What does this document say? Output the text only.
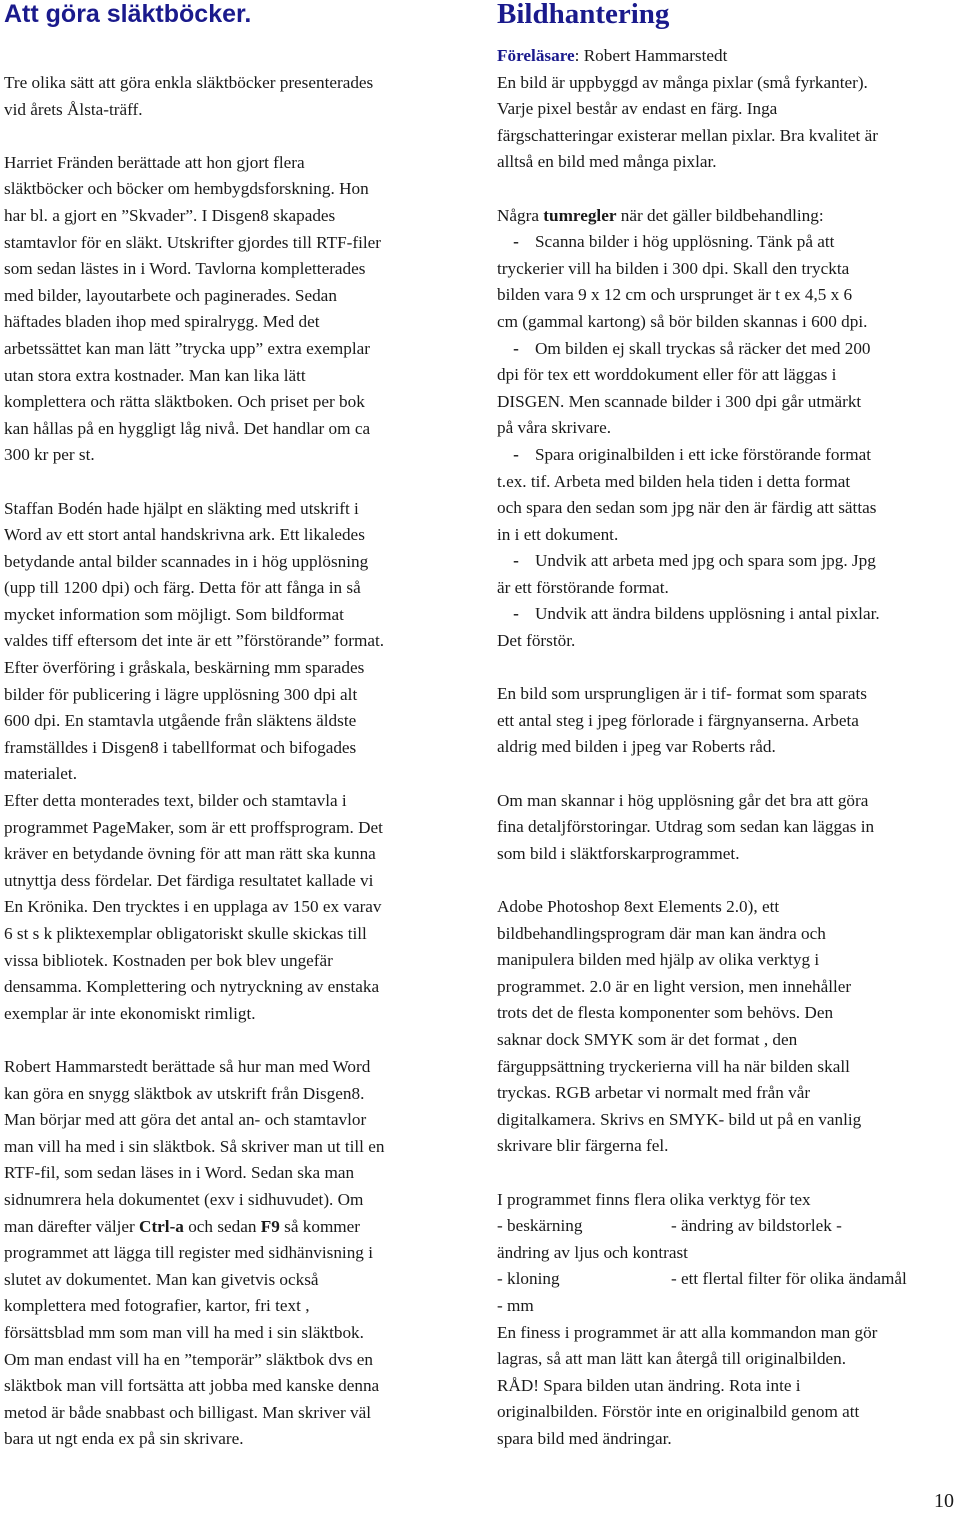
Att göra släktböcker.
Tre olika sätt att göra enkla släktböcker presenterades
vid årets Ålsta-träff.
Harriet Fränden berättade att hon gjort flera
släktböcker och böcker om hembygdsforskning. Hon
har bl. a gjort en ”Skvader”. I Disgen8 skapades
stamtavlor för en släkt. Utskrifter gjordes till RTF-filer
som sedan lästes in i Word. Tavlorna kompletterades
med bilder, layoutarbete och paginerades. Sedan
häftades bladen ihop med spiralrygg. Med det
arbetssättet kan man lätt ”trycka upp” extra exemplar
utan stora extra kostnader. Man kan lika lätt
komplettera och rätta släktboken. Och priset per bok
kan hållas på en hyggligt låg nivå. Det handlar om ca
300 kr per st.
Staffan Bodén hade hjälpt en släkting med utskrift i
Word av ett stort antal handskrivna ark. Ett likaledes
betydande antal bilder scannades in i hög upplösning
(upp till 1200 dpi) och färg. Detta för att fånga in så
mycket information som möjligt. Som bildformat
valdes tiff eftersom det inte är ett ”förstörande” format.
Efter överföring i gråskala, beskärning mm sparades
bilder för publicering i lägre upplösning 300 dpi alt
600 dpi. En stamtavla utgående från släktens äldste
framställdes i Disgen8 i tabellformat och bifogades
materialet.
Efter detta monterades text, bilder och stamtavla i
programmet PageMaker, som är ett proffsprogram. Det
kräver en betydande övning för att man rätt ska kunna
utnyttja dess fördelar. Det färdiga resultatet kallade vi
En Krönika. Den trycktes i en upplaga av 150 ex varav
6 st s k pliktexemplar obligatoriskt skulle skickas till
vissa bibliotek. Kostnaden per bok blev ungefär
densamma. Komplettering och nytryckning av enstaka
exemplar är inte ekonomiskt rimligt.
Robert Hammarstedt berättade så hur man med Word
kan göra en snygg släktbok av utskrift från Disgen8.
Man börjar med att göra det antal an- och stamtavlor
man vill ha med i sin släktbok. Så skriver man ut till en
RTF-fil, som sedan läses in i Word. Sedan ska man
sidnumrera hela dokumentet (exv i sidhuvudet). Om
man därefter väljer Ctrl-a och sedan F9 så kommer
programmet att lägga till register med sidhänvisning i
slutet av dokumentet. Man kan givetvis också
komplettera med fotografier, kartor, fri text ,
försättsblad mm som man vill ha med i sin släktbok.
Om man endast vill ha en ”temporär” släktbok dvs en
släktbok man vill fortsätta att jobba med kanske denna
metod är både snabbast och billigast. Man skriver väl
bara ut ngt enda ex på sin skrivare.
Bildhantering
Föreläsare: Robert Hammarstedt
En bild är uppbyggd av många pixlar (små fyrkanter).
Varje pixel består av endast en färg. Inga
färgschatteringar existerar mellan pixlar. Bra kvalitet är
alltså en bild med många pixlar.
Några tumregler när det gäller bildbehandling:
- Scanna bilder i hög upplösning. Tänk på att
tryckerier vill ha bilden i 300 dpi. Skall den tryckta
bilden vara 9 x 12 cm och ursprunget är t ex 4,5 x 6
cm (gammal kartong) så bör bilden skannas i 600 dpi.
- Om bilden ej skall tryckas så räcker det med 200
dpi för tex ett worddokument eller för att läggas i
DISGEN. Men scannade bilder i 300 dpi går utmärkt
på våra skrivare.
- Spara originalbilden i ett icke förstörande format
t.ex. tif. Arbeta med bilden hela tiden i detta format
och spara den sedan som jpg när den är färdig att sättas
in i ett dokument.
- Undvik att arbeta med jpg och spara som jpg. Jpg
är ett förstörande format.
- Undvik att ändra bildens upplösning i antal pixlar.
Det förstör.
En bild som ursprungligen är i tif- format som sparats
ett antal steg i jpeg förlorade i färgnyanserna. Arbeta
aldrig med bilden i jpeg var Roberts råd.
Om man skannar i hög upplösning går det bra att göra
fina detaljförstoringar. Utdrag som sedan kan läggas in
som bild i släktforskarprogrammet.
Adobe Photoshop 8ext Elements 2.0), ett
bildbehandlingsprogram där man kan ändra och
manipulera bilden med hjälp av olika verktyg i
programmet. 2.0 är en light version, men innehåller
trots det de flesta komponenter som behövs. Den
saknar dock SMYK som är det format , den
färguppsättning tryckerierna vill ha när bilden skall
tryckas. RGB arbetar vi normalt med från vår
digitalkamera. Skrivs en SMYK- bild ut på en vanlig
skrivare blir färgerna fel.
I programmet finns flera olika verktyg för tex
- beskärning	- ändring av bildstorlek -
ändring av ljus och kontrast
- kloning	- ett flertal filter för olika ändamål
- mm
En finess i programmet är att alla kommandon man gör
lagras, så att man lätt kan återgå till originalbilden.
RÅD! Spara bilden utan ändring. Rota inte i
originalbilden. Förstör inte en originalbild genom att
spara bild med ändringar.
10
